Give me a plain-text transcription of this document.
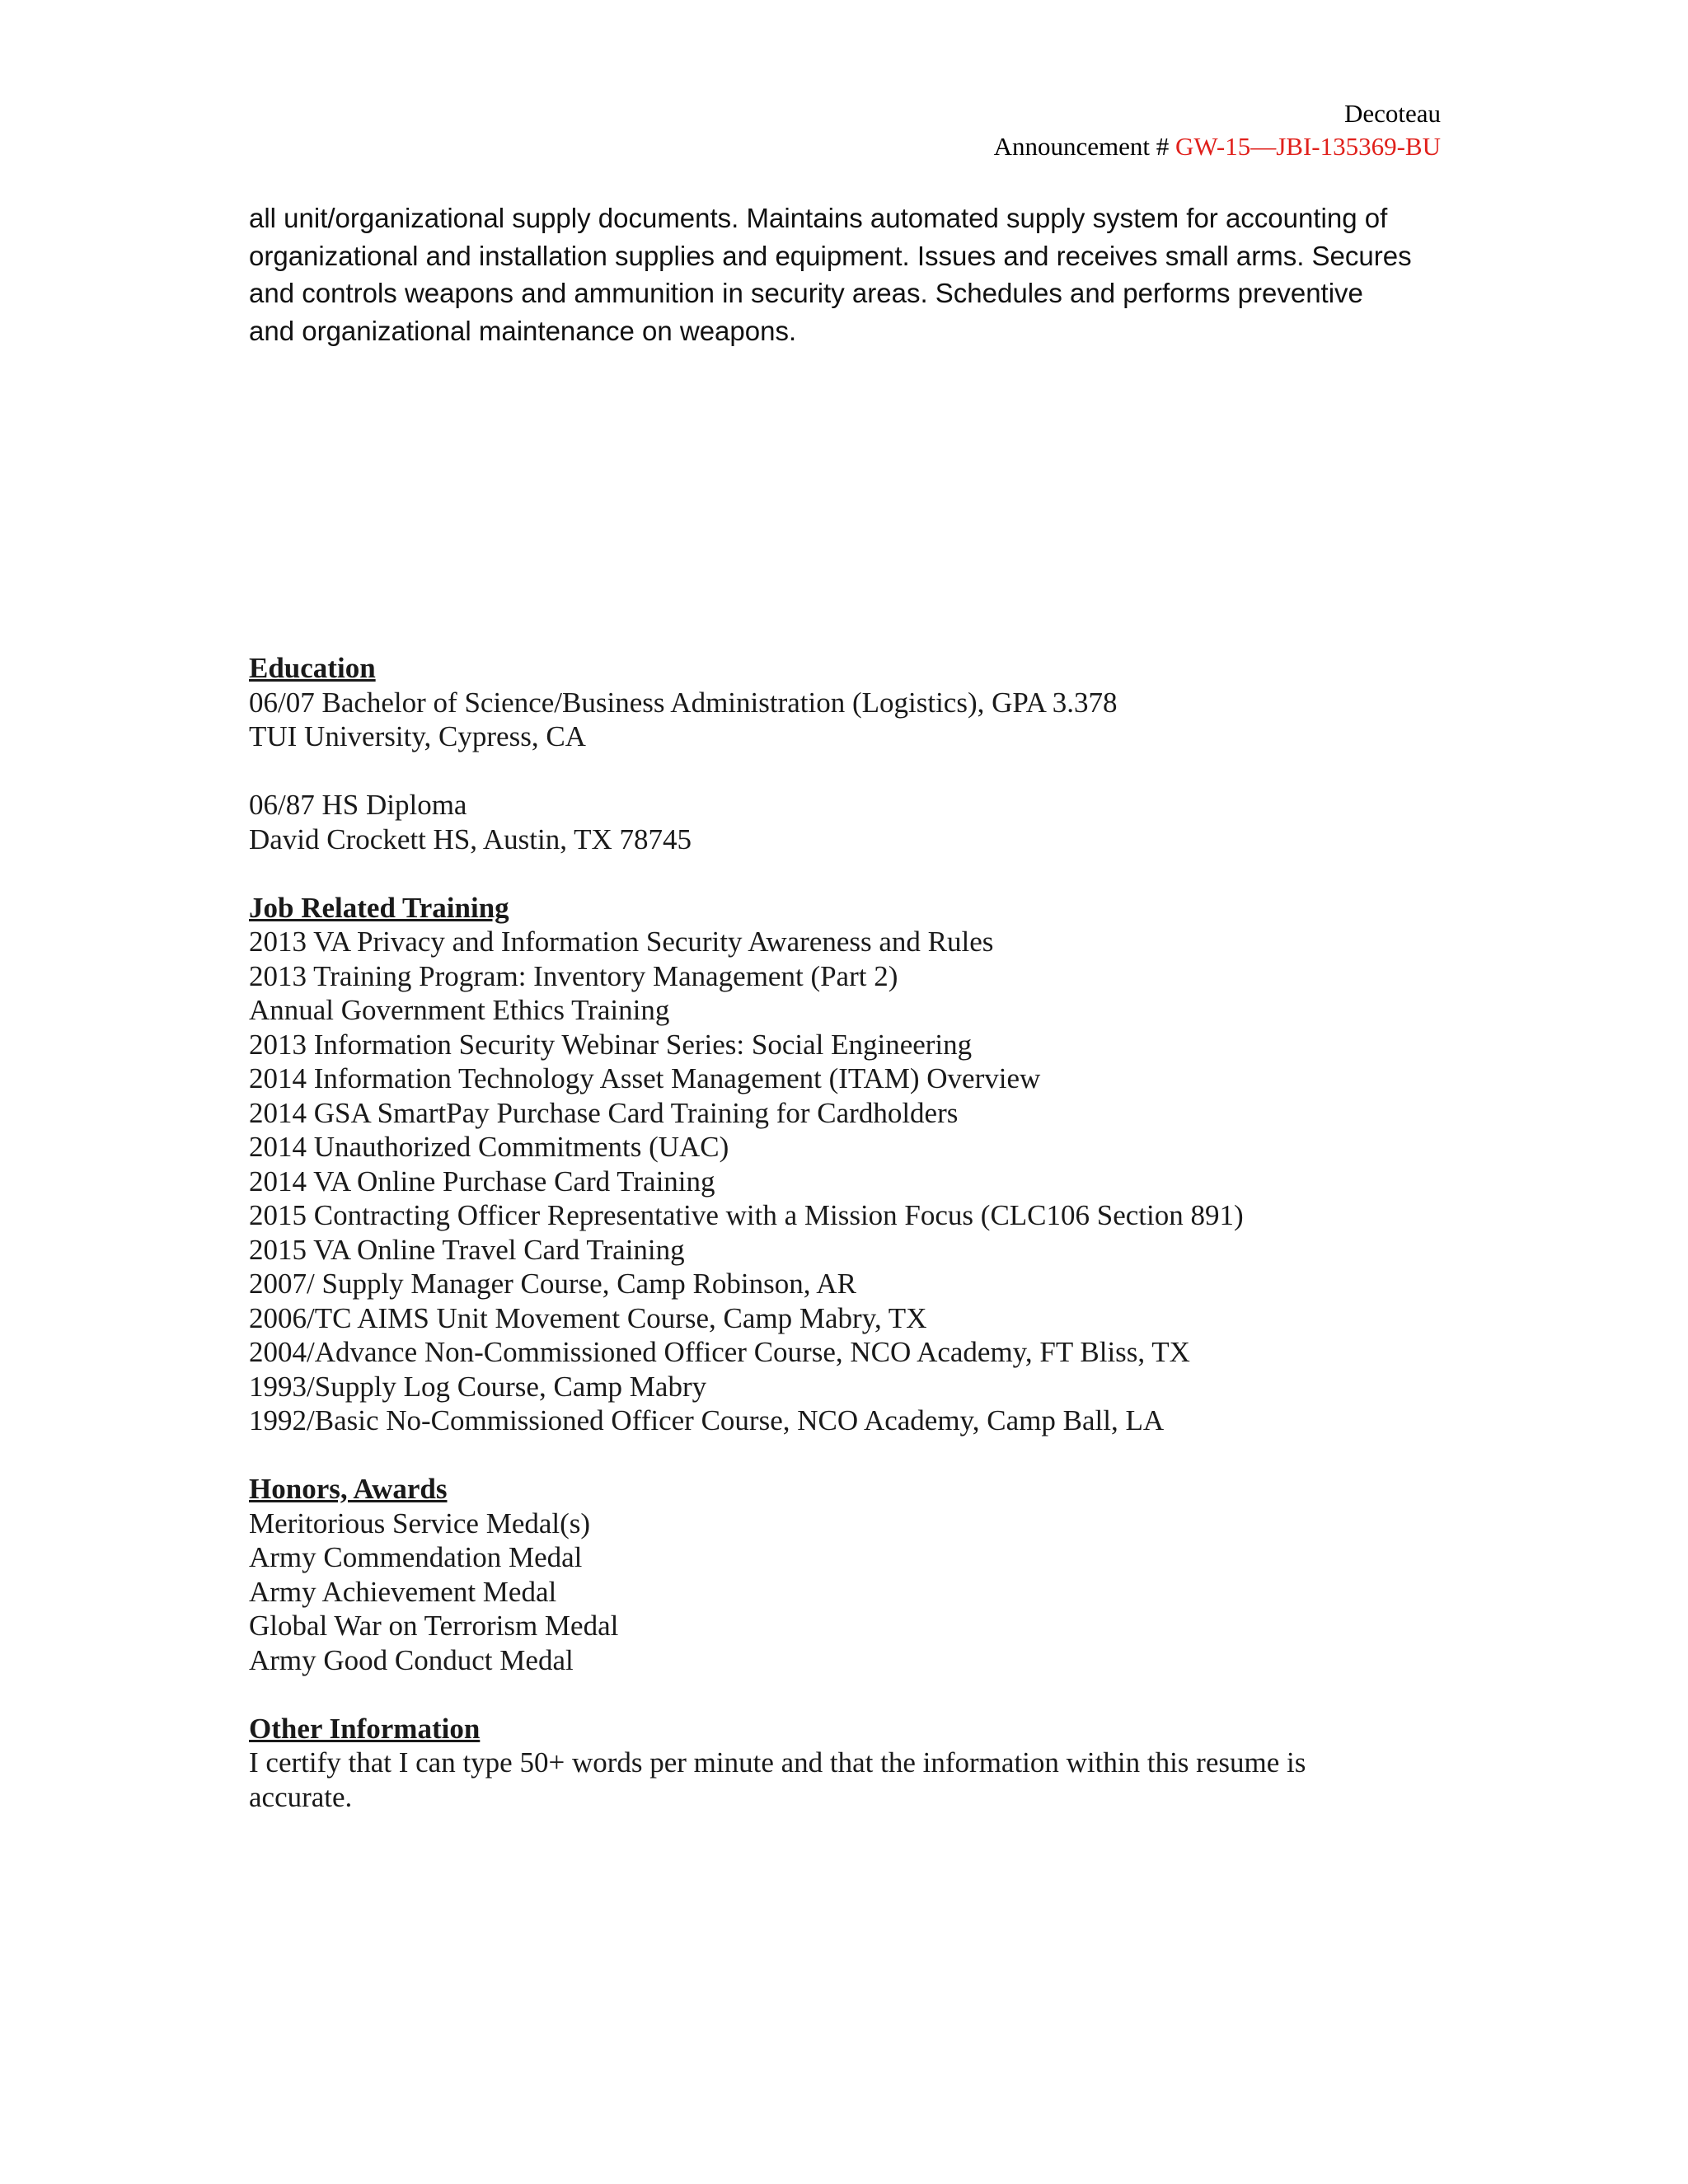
Decoteau
Announcement # GW-15—JBI-135369-BU
all unit/organizational supply documents. Maintains automated supply system for accounting of
organizational and installation supplies and equipment. Issues and receives small arms. Secures
and controls weapons and ammunition in security areas. Schedules and performs preventive
and organizational maintenance on weapons.
Education
06/07 Bachelor of Science/Business Administration (Logistics), GPA 3.378
TUI University, Cypress, CA
06/87 HS Diploma
David Crockett HS, Austin, TX 78745
Job Related Training
2013 VA Privacy and Information Security Awareness and Rules
2013 Training Program: Inventory Management (Part 2)
Annual Government Ethics Training
2013 Information Security Webinar Series: Social Engineering
2014 Information Technology Asset Management (ITAM) Overview
2014 GSA SmartPay Purchase Card Training for Cardholders
2014 Unauthorized Commitments (UAC)
2014 VA Online Purchase Card Training
2015 Contracting Officer Representative with a Mission Focus (CLC106 Section 891)
2015 VA Online Travel Card Training
2007/ Supply Manager Course, Camp Robinson, AR
2006/TC AIMS Unit Movement Course, Camp Mabry, TX
2004/Advance Non-Commissioned Officer Course, NCO Academy, FT Bliss, TX
1993/Supply Log Course, Camp Mabry
1992/Basic No-Commissioned Officer Course, NCO Academy, Camp Ball, LA
Honors, Awards
Meritorious Service Medal(s)
Army Commendation Medal
Army Achievement Medal
Global War on Terrorism Medal
Army Good Conduct Medal
Other Information
I certify that I can type 50+ words per minute and that the information within this resume is accurate.
